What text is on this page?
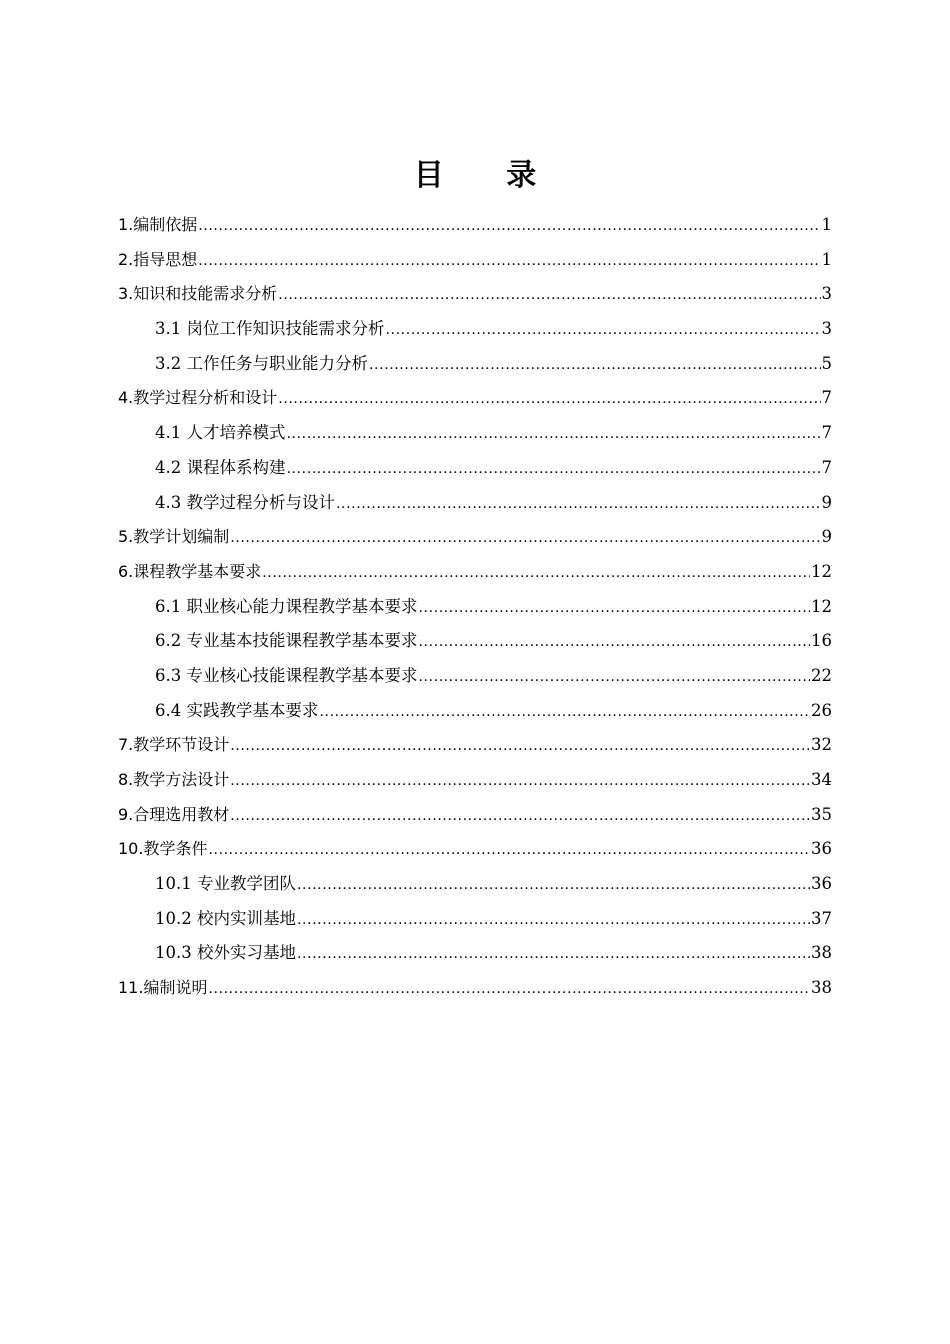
目 录
1. 编制依据 .....	1
2. 指导思想 .....	1
3. 知识和技能需求分析 .....	3
3.1 岗位工作知识技能需求分析 .....	3
3.2 工作任务与职业能力分析 .....	5
4. 教学过程分析和设计 .....	7
4.1 人才培养模式 .....	7
4.2 课程体系构建 .....	7
4.3 教学过程分析与设计 .....	9
5. 教学计划编制 .....	9
6. 课程教学基本要求 .....	12
6.1 职业核心能力课程教学基本要求 .....	12
6.2 专业基本技能课程教学基本要求 .....	16
6.3 专业核心技能课程教学基本要求 .....	22
6.4 实践教学基本要求 .....	26
7. 教学环节设计 .....	32
8. 教学方法设计 .....	34
9. 合理选用教材 .....	35
10. 教学条件 .....	36
10.1 专业教学团队 .....	36
10.2 校内实训基地 .....	37
10.3 校外实习基地 .....	38
11. 编制说明 .....	38
